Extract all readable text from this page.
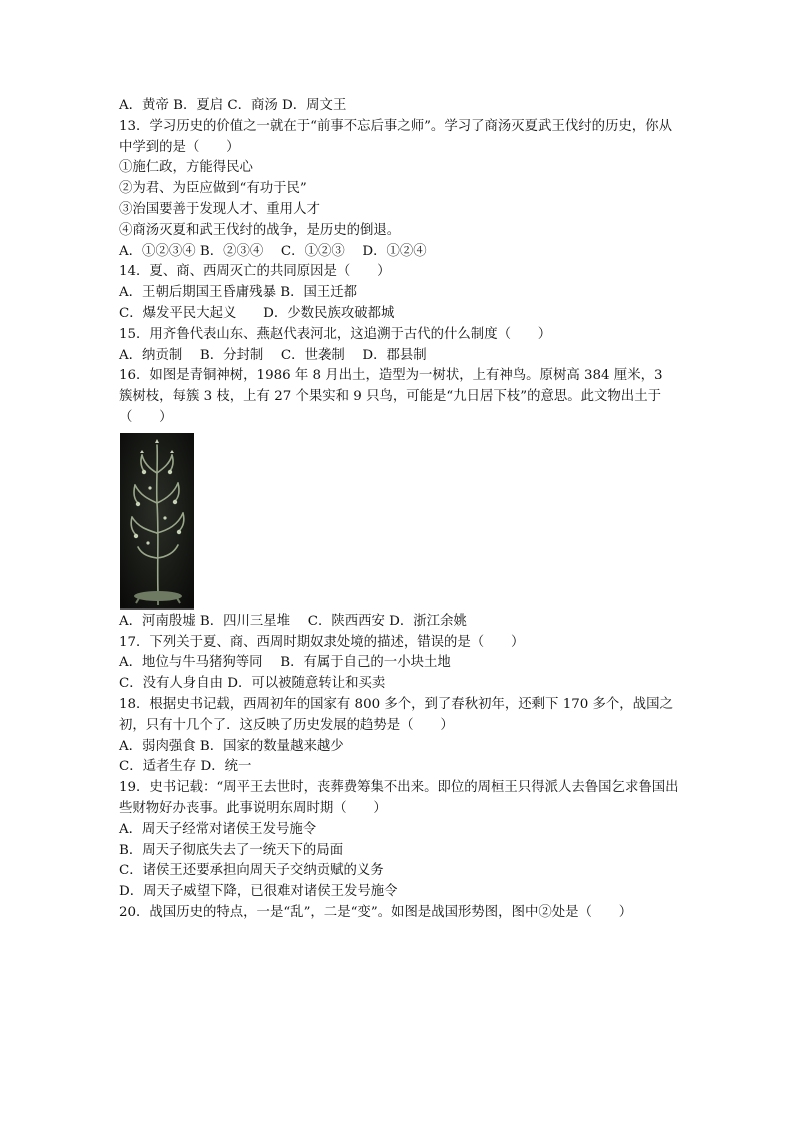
A．黄帝 B．夏启 C．商汤 D．周文王
13．学习历史的价值之一就在于“前事不忘后事之师”。学习了商汤灭夏武王伐纣的历史，你从中学到的是（　　）
①施仁政，方能得民心
②为君、为臣应做到“有功于民”
③治国要善于发现人才、重用人才
④商汤灭夏和武王伐纣的战争，是历史的倒退。
A．①②③④ B．②③④　 C．①②③　 D．①②④
14．夏、商、西周灭亡的共同原因是（　　）
A．王朝后期国王昏庸残暴 B．国王迁都
C．爆发平民大起义　　D．少数民族攻破都城
15．用齐鲁代表山东、燕赵代表河北，这追溯于古代的什么制度（　　）
A．纳贡制　 B．分封制　 C．世袭制　 D．郡县制
16．如图是青铜神树，1986 年 8 月出土，造型为一树状，上有神鸟。原树高 384 厘米，3 簇树枝，每簇 3 枝，上有 27 个果实和 9 只鸟，可能是“九日居下枝”的意思。此文物出土于（　　）
A．河南殷墟 B．四川三星堆　 C．陕西西安 D．浙江余姚
17．下列关于夏、商、西周时期奴隶处境的描述，错误的是（　　）
A．地位与牛马猪狗等同　 B．有属于自己的一小块土地
C．没有人身自由 D．可以被随意转让和买卖
18．根据史书记载，西周初年的国家有 800 多个，到了春秋初年，还剩下 170 多个，战国之初，只有十几个了．这反映了历史发展的趋势是（　　）
A．弱肉强食 B．国家的数量越来越少
C．适者生存 D．统一
19．史书记载：“周平王去世时，丧葬费筹集不出来。即位的周桓王只得派人去鲁国乞求鲁国出些财物好办丧事。此事说明东周时期（　　）
A．周天子经常对诸侯王发号施令
B．周天子彻底失去了一统天下的局面
C．诸侯王还要承担向周天子交纳贡赋的义务
D．周天子威望下降，已很难对诸侯王发号施令
20．战国历史的特点，一是“乱”，二是“变”。如图是战国形势图，图中②处是（　　）
